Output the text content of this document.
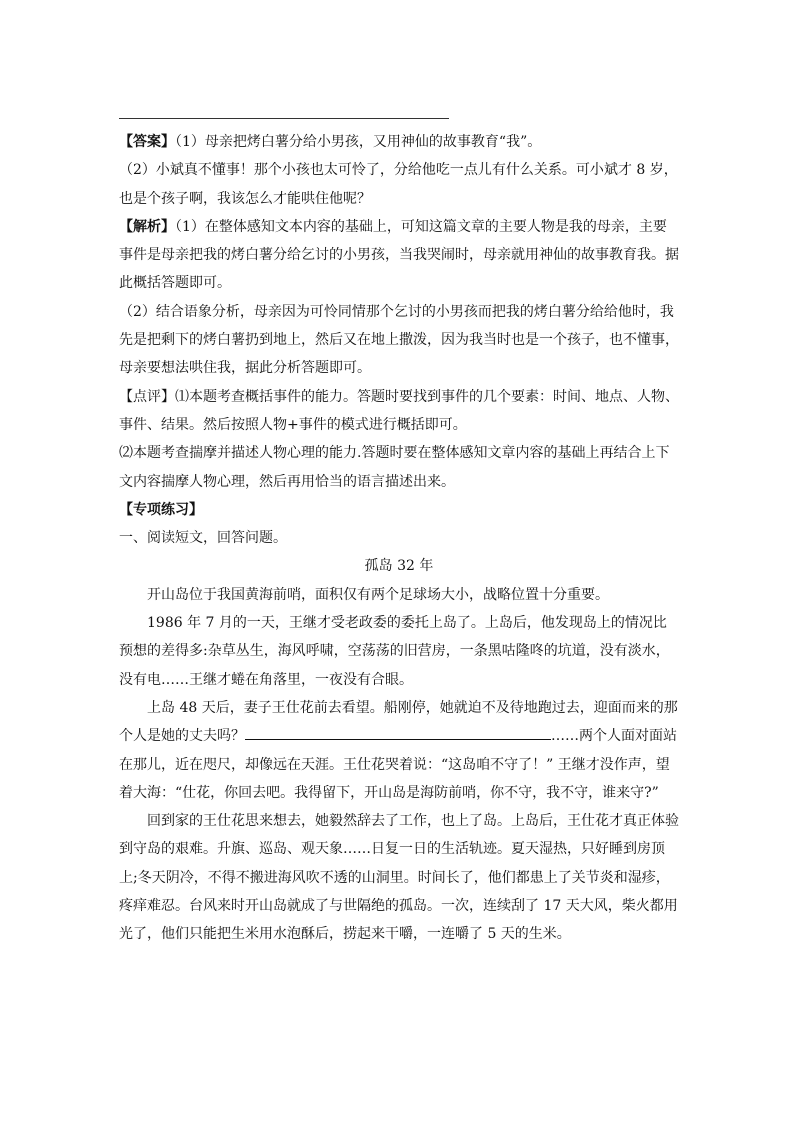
【答案】（1）母亲把烤白薯分给小男孩，又用神仙的故事教育“我”。

（2）小斌真不懂事！那个小孩也太可怜了，分给他吃一点儿有什么关系。可小斌才 8 岁，也是个孩子啊，我该怎么才能哄住他呢？

【解析】（1）在整体感知文本内容的基础上，可知这篇文章的主要人物是我的母亲，主要事件是母亲把我的烤白薯分给乞讨的小男孩，当我哭闹时，母亲就用神仙的故事教育我。据此概括答题即可。

（2）结合语象分析，母亲因为可怜同情那个乞讨的小男孩而把我的烤白薯分给给他时，我先是把剩下的烤白薯扔到地上，然后又在地上撒泼，因为我当时也是一个孩子，也不懂事，母亲要想法哄住我，据此分析答题即可。

【点评】⑴本题考查概括事件的能力。答题时要找到事件的几个要素：时间、地点、人物、事件、结果。然后按照人物+事件的模式进行概括即可。

⑵本题考查揣摩并描述人物心理的能力.答题时要在整体感知文章内容的基础上再结合上下文内容揣摩人物心理，然后再用恰当的语言描述出来。

【专项练习】

一、阅读短文，回答问题。

孤岛 32 年

开山岛位于我国黄海前哨，面积仅有两个足球场大小，战略位置十分重要。

1986 年 7 月的一天，王继才受老政委的委托上岛了。上岛后，他发现岛上的情况比预想的差得多:杂草丛生，海风呼啸，空荡荡的旧营房，一条黑咕隆咚的坑道，没有淡水，没有电……王继才蜷在角落里，一夜没有合眼。

上岛 48 天后，妻子王仕花前去看望。船刚停，她就迫不及待地跑过去，迎面而来的那个人是她的丈夫吗？	……两个人面对面站在那儿，近在咫尺，却像远在天涯。王仕花哭着说：“这岛咱不守了！” 王继才没作声，望着大海：“仕花，你回去吧。我得留下，开山岛是海防前哨，你不守，我不守，谁来守?”

回到家的王仕花思来想去，她毅然辞去了工作，也上了岛。上岛后，王仕花才真正体验到守岛的艰难。升旗、巡岛、观天象……日复一日的生活轨迹。夏天湿热，只好睡到房顶上;冬天阴冷，不得不搬进海风吹不透的山洞里。时间长了，他们都患上了关节炎和湿疹，疼痒难忍。台风来时开山岛就成了与世隔绝的孤岛。一次，连续刮了 17 天大风，柴火都用光了，他们只能把生米用水泡酥后，捞起来干嚼，一连嚼了 5 天的生米。
